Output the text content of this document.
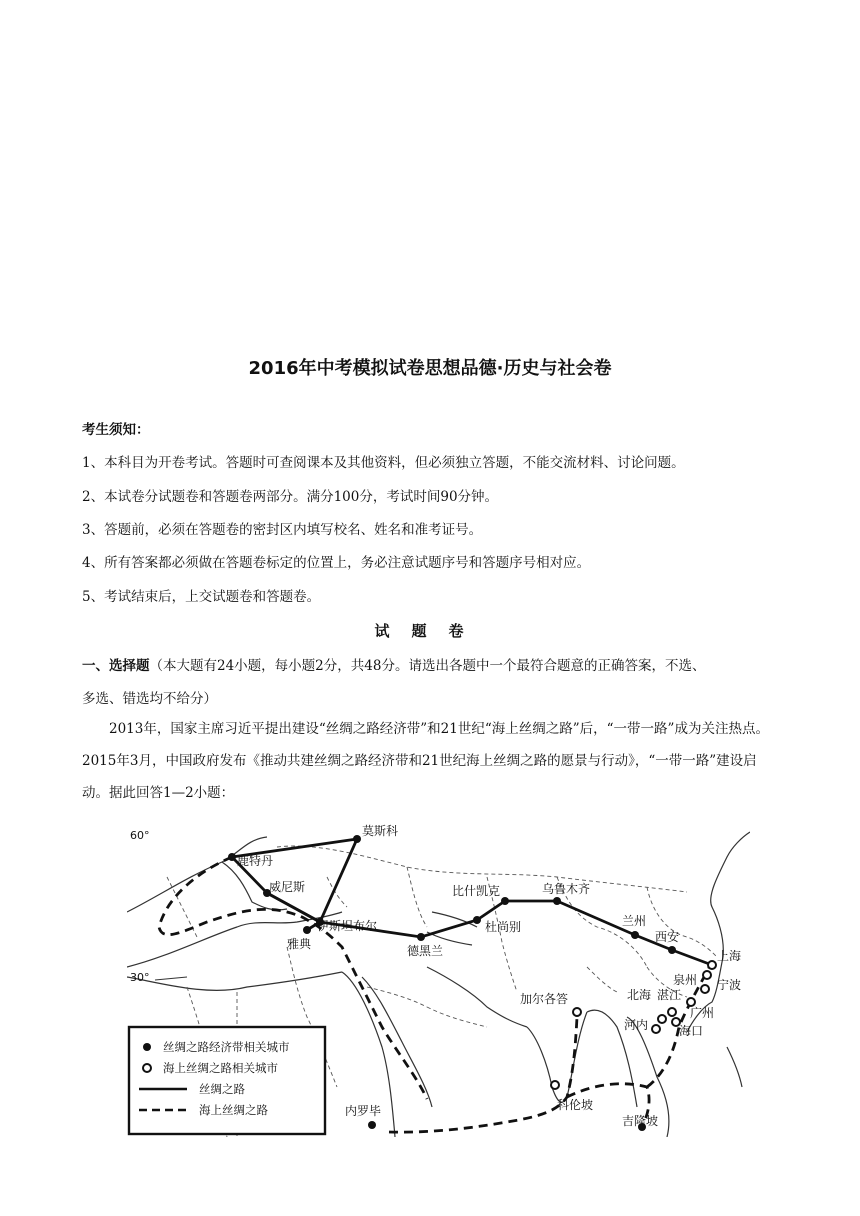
2016年中考模拟试卷思想品德·历史与社会卷
考生须知：
1、本科目为开卷考试。答题时可查阅课本及其他资料，但必须独立答题，不能交流材料、讨论问题。
2、本试卷分试题卷和答题卷两部分。满分100分，考试时间90分钟。
3、答题前，必须在答题卷的密封区内填写校名、姓名和准考证号。
4、所有答案都必须做在答题卷标定的位置上，务必注意试题序号和答题序号相对应。
5、考试结束后，上交试题卷和答题卷。
试题卷
一、选择题（本大题有24小题，每小题2分，共48分。请选出各题中一个最符合题意的正确答案，不选、
多选、错选均不给分）
2013年，国家主席习近平提出建设“丝绸之路经济带”和21世纪“海上丝绸之路”后，“一带一路”成为关注热点。2015年3月，中国政府发布《推动共建丝绸之路经济带和21世纪海上丝绸之路的愿景与行动》，“一带一路”建设启动。据此回答1—2小题：
60°
30°
莫斯科
鹿特丹
威尼斯
雅典
伊斯坦布尔
德黑兰
比什凯克
杜尚别
乌鲁木齐
兰州
西安
上海
宁波
泉州
北海 湛江
广州
河内	海口
加尔各答
科伦坡
吉隆坡
内罗毕
丝绸之路经济带相关城市
海上丝绸之路相关城市
丝绸之路
海上丝绸之路
